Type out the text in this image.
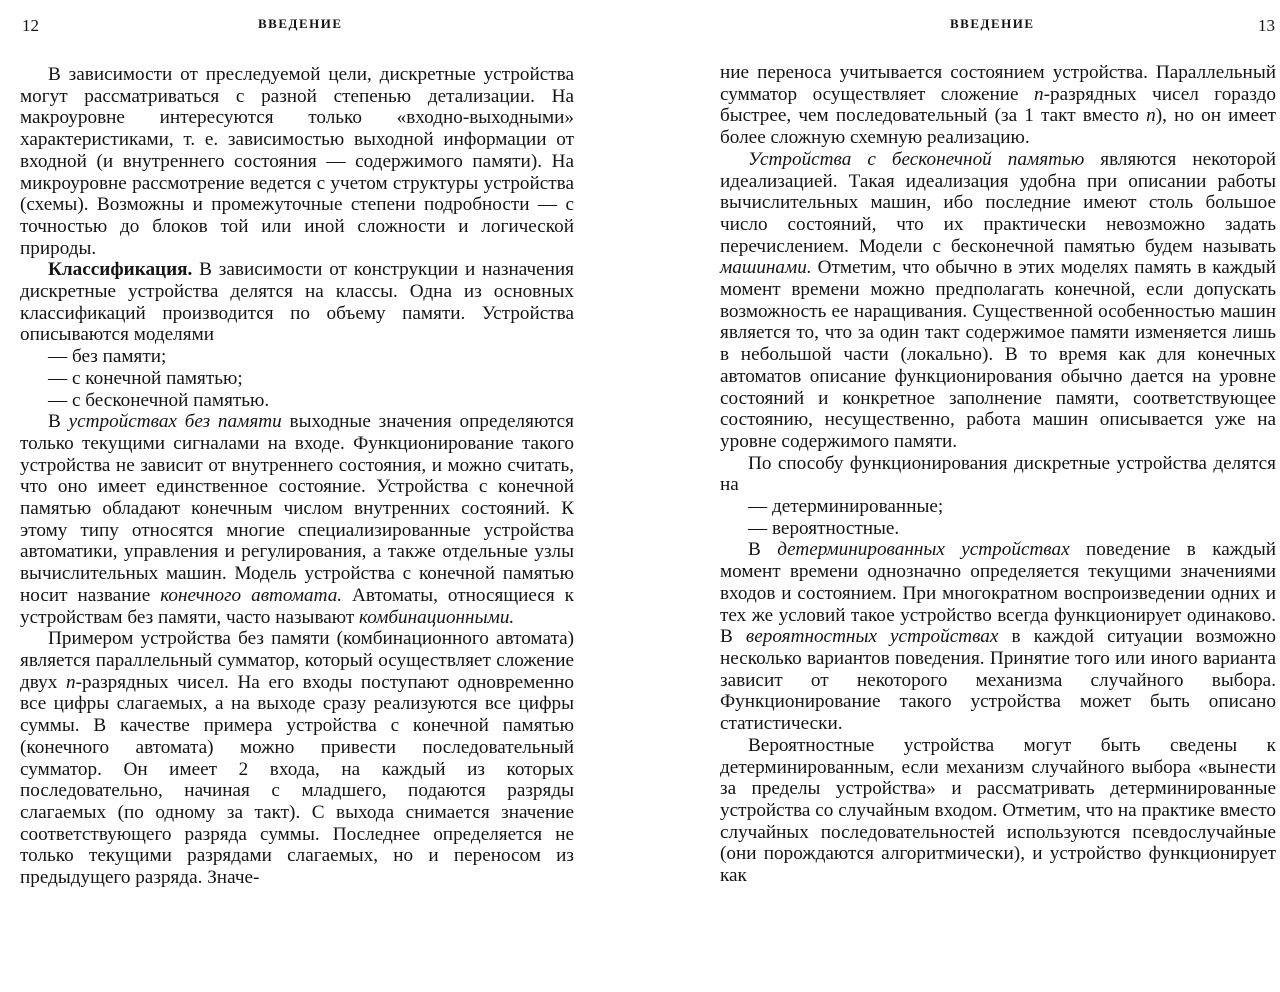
12	ВВЕДЕНИЕ

В зависимости от преследуемой цели, дискретные устройства могут рассматриваться с разной степенью детализации. На макроуровне интересуются только «входно-выходными» характеристиками, т. е. зависимостью выходной информации от входной (и внутреннего состояния — содержимого памяти). На микроуровне рассмотрение ведется с учетом структуры устройства (схемы). Возможны и промежуточные степени подробности — с точностью до блоков той или иной сложности и логической природы.

Классификация. В зависимости от конструкции и назначения дискретные устройства делятся на классы. Одна из основных классификаций производится по объему памяти. Устройства описываются моделями

— без памяти;

— с конечной памятью;

— с бесконечной памятью.

В устройствах без памяти выходные значения определяются только текущими сигналами на входе. Функционирование такого устройства не зависит от внутреннего состояния, и можно считать, что оно имеет единственное состояние. Устройства с конечной памятью обладают конечным числом внутренних состояний. К этому типу относятся многие специализированные устройства автоматики, управления и регулирования, а также отдельные узлы вычислительных машин. Модель устройства с конечной памятью носит название конечного автомата. Автоматы, относящиеся к устройствам без памяти, часто называют комбинационными.

Примером устройства без памяти (комбинационного автомата) является параллельный сумматор, который осуществляет сложение двух n-разрядных чисел. На его входы поступают одновременно все цифры слагаемых, а на выходе сразу реализуются все цифры суммы. В качестве примера устройства с конечной памятью (конечного автомата) можно привести последовательный сумматор. Он имеет 2 входа, на каждый из которых последовательно, начиная с младшего, подаются разряды слагаемых (по одному за такт). С выхода снимается значение соответствующего разряда суммы. Последнее определяется не только текущими разрядами слагаемых, но и переносом из предыдущего разряда. Значе-

ВВЕДЕНИЕ	13

ние переноса учитывается состоянием устройства. Параллельный сумматор осуществляет сложение n-разрядных чисел гораздо быстрее, чем последовательный (за 1 такт вместо n), но он имеет более сложную схемную реализацию.

Устройства с бесконечной памятью являются некоторой идеализацией. Такая идеализация удобна при описании работы вычислительных машин, ибо последние имеют столь большое число состояний, что их практически невозможно задать перечислением. Модели с бесконечной памятью будем называть машинами. Отметим, что обычно в этих моделях память в каждый момент времени можно предполагать конечной, если допускать возможность ее наращивания. Существенной особенностью машин является то, что за один такт содержимое памяти изменяется лишь в небольшой части (локально). В то время как для конечных автоматов описание функционирования обычно дается на уровне состояний и конкретное заполнение памяти, соответствующее состоянию, несущественно, работа машин описывается уже на уровне содержимого памяти.

По способу функционирования дискретные устройства делятся на

— детерминированные;

— вероятностные.

В детерминированных устройствах поведение в каждый момент времени однозначно определяется текущими значениями входов и состоянием. При многократном воспроизведении одних и тех же условий такое устройство всегда функционирует одинаково. В вероятностных устройствах в каждой ситуации возможно несколько вариантов поведения. Принятие того или иного варианта зависит от некоторого механизма случайного выбора. Функционирование такого устройства может быть описано статистически.

Вероятностные устройства могут быть сведены к детерминированным, если механизм случайного выбора «вынести за пределы устройства» и рассматривать детерминированные устройства со случайным входом. Отметим, что на практике вместо случайных последовательностей используются псевдослучайные (они порождаются алгоритмически), и устройство функционирует как
